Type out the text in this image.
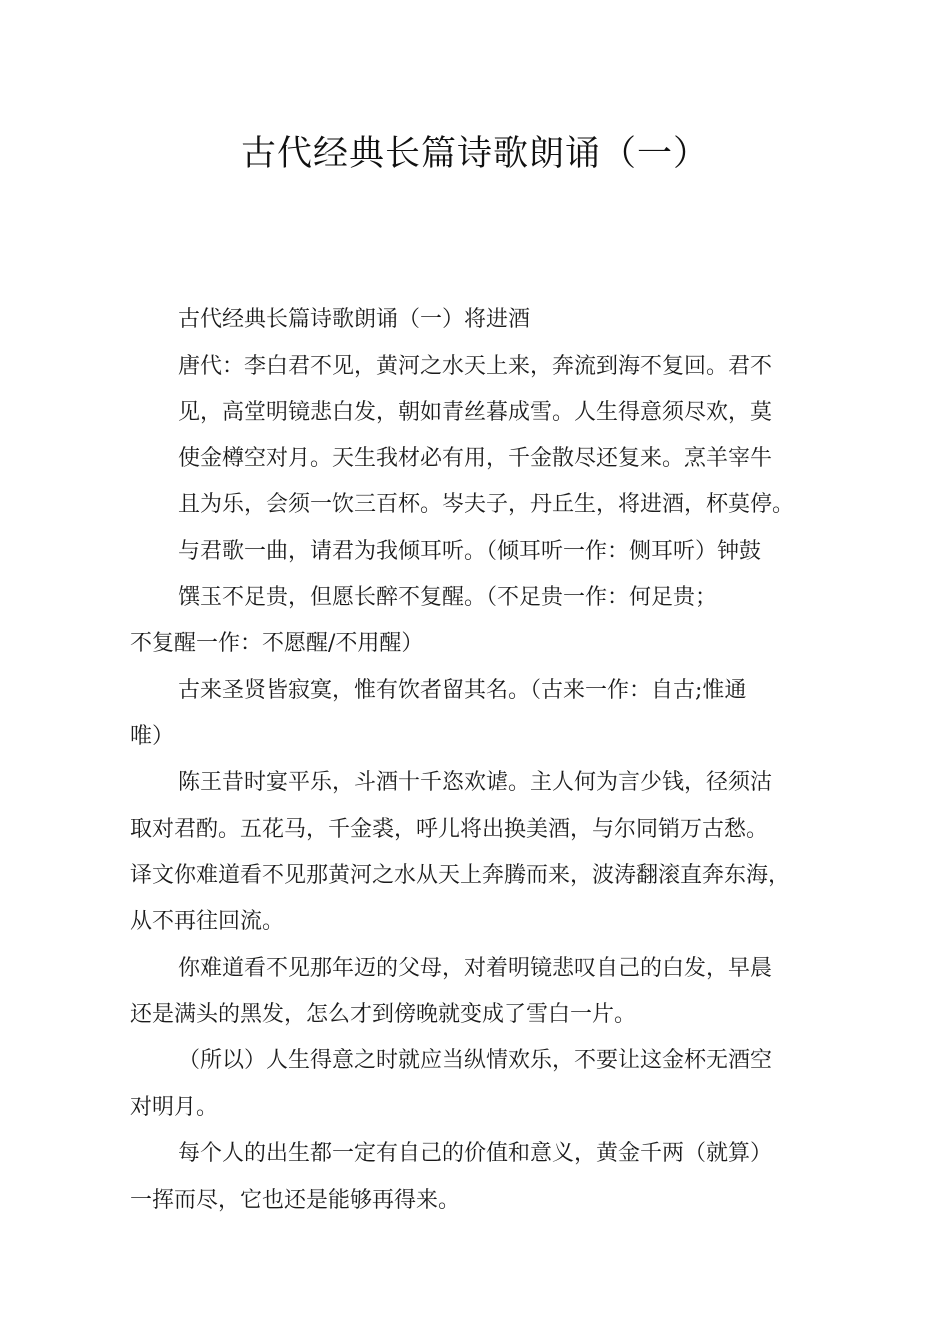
古代经典长篇诗歌朗诵（一）
古代经典长篇诗歌朗诵（一）将进酒
唐代：李白君不见，黄河之水天上来，奔流到海不复回。君不
见，高堂明镜悲白发，朝如青丝暮成雪。人生得意须尽欢，莫
使金樽空对月。天生我材必有用，千金散尽还复来。烹羊宰牛
且为乐，会须一饮三百杯。岑夫子，丹丘生，将进酒，杯莫停。
与君歌一曲，请君为我倾耳听。（倾耳听一作：侧耳听）钟鼓
馔玉不足贵，但愿长醉不复醒。（不足贵一作：何足贵；
不复醒一作：不愿醒/不用醒）
古来圣贤皆寂寞，惟有饮者留其名。（古来一作：自古;惟通
唯）
陈王昔时宴平乐，斗酒十千恣欢谑。主人何为言少钱，径须沽
取对君酌。五花马，千金裘，呼儿将出换美酒，与尔同销万古愁。
译文你难道看不见那黄河之水从天上奔腾而来，波涛翻滚直奔东海，
从不再往回流。
你难道看不见那年迈的父母，对着明镜悲叹自己的白发，早晨
还是满头的黑发，怎么才到傍晚就变成了雪白一片。
（所以）人生得意之时就应当纵情欢乐，不要让这金杯无酒空
对明月。
每个人的出生都一定有自己的价值和意义，黄金千两（就算）
一挥而尽，它也还是能够再得来。
